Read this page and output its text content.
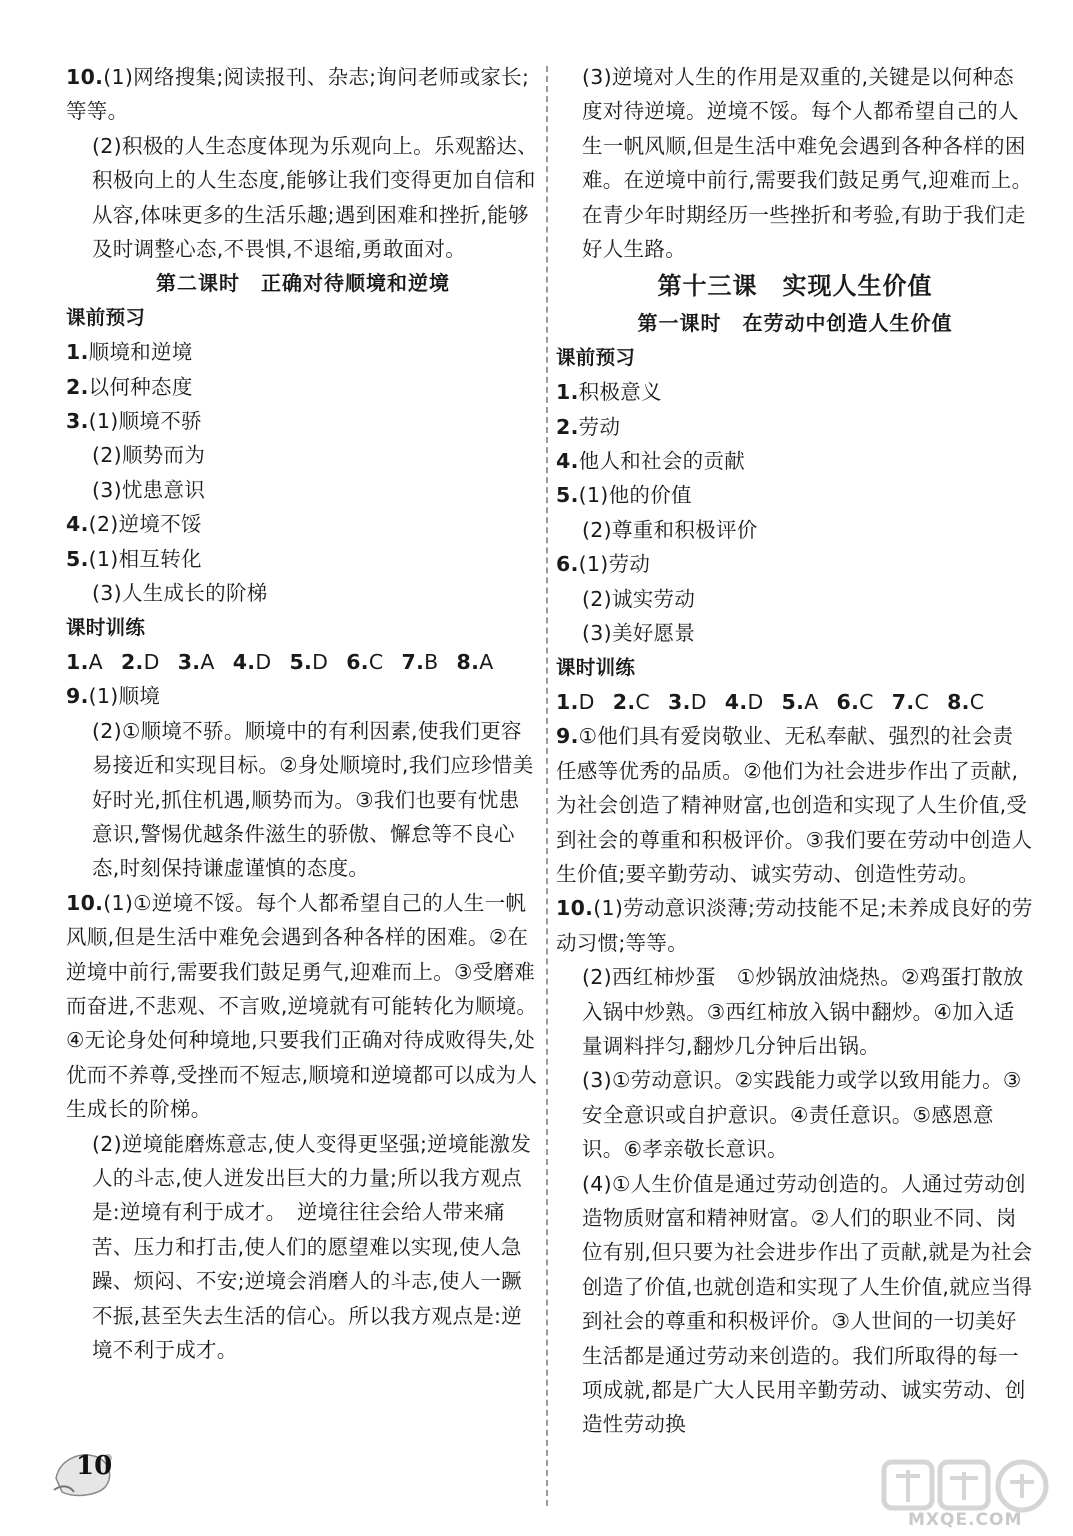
10.(1)网络搜集;阅读报刊、杂志;询问老师或家长;等等。

(2)积极的人生态度体现为乐观向上。乐观豁达、积极向上的人生态度,能够让我们变得更加自信和从容,体味更多的生活乐趣;遇到困难和挫折,能够及时调整心态,不畏惧,不退缩,勇敢面对。

第二课时　正确对待顺境和逆境

课前预习

1.顺境和逆境

2.以何种态度

3.(1)顺境不骄

(2)顺势而为

(3)忧患意识

4.(2)逆境不馁

5.(1)相互转化

(3)人生成长的阶梯

课时训练

1.A 2.D 3.A 4.D 5.D 6.C 7.B 8.A

9.(1)顺境

(2)①顺境不骄。顺境中的有利因素,使我们更容易接近和实现目标。②身处顺境时,我们应珍惜美好时光,抓住机遇,顺势而为。③我们也要有忧患意识,警惕优越条件滋生的骄傲、懈怠等不良心态,时刻保持谦虚谨慎的态度。

10.(1)①逆境不馁。每个人都希望自己的人生一帆风顺,但是生活中难免会遇到各种各样的困难。②在逆境中前行,需要我们鼓足勇气,迎难而上。③受磨难而奋进,不悲观、不言败,逆境就有可能转化为顺境。④无论身处何种境地,只要我们正确对待成败得失,处优而不养尊,受挫而不短志,顺境和逆境都可以成为人生成长的阶梯。

(2)逆境能磨炼意志,使人变得更坚强;逆境能激发人的斗志,使人迸发出巨大的力量;所以我方观点是:逆境有利于成才。　逆境往往会给人带来痛苦、压力和打击,使人们的愿望难以实现,使人急躁、烦闷、不安;逆境会消磨人的斗志,使人一蹶不振,甚至失去生活的信心。所以我方观点是:逆境不利于成才。

(3)逆境对人生的作用是双重的,关键是以何种态度对待逆境。逆境不馁。每个人都希望自己的人生一帆风顺,但是生活中难免会遇到各种各样的困难。在逆境中前行,需要我们鼓足勇气,迎难而上。在青少年时期经历一些挫折和考验,有助于我们走好人生路。

第十三课　实现人生价值

第一课时　在劳动中创造人生价值

课前预习

1.积极意义

2.劳动

4.他人和社会的贡献

5.(1)他的价值

(2)尊重和积极评价

6.(1)劳动

(2)诚实劳动

(3)美好愿景

课时训练

1.D 2.C 3.D 4.D 5.A 6.C 7.C 8.C

9.①他们具有爱岗敬业、无私奉献、强烈的社会责任感等优秀的品质。②他们为社会进步作出了贡献,为社会创造了精神财富,也创造和实现了人生价值,受到社会的尊重和积极评价。③我们要在劳动中创造人生价值;要辛勤劳动、诚实劳动、创造性劳动。

10.(1)劳动意识淡薄;劳动技能不足;未养成良好的劳动习惯;等等。

(2)西红柿炒蛋　①炒锅放油烧热。②鸡蛋打散放入锅中炒熟。③西红柿放入锅中翻炒。④加入适量调料拌匀,翻炒几分钟后出锅。

(3)①劳动意识。②实践能力或学以致用能力。③安全意识或自护意识。④责任意识。⑤感恩意识。⑥孝亲敬长意识。

(4)①人生价值是通过劳动创造的。人通过劳动创造物质财富和精神财富。②人们的职业不同、岗位有别,但只要为社会进步作出了贡献,就是为社会创造了价值,也就创造和实现了人生价值,就应当得到社会的尊重和积极评价。③人世间的一切美好生活都是通过劳动来创造的。我们所取得的每一项成就,都是广大人民用辛勤劳动、诚实劳动、创造性劳动换

10
MXQE.COM
